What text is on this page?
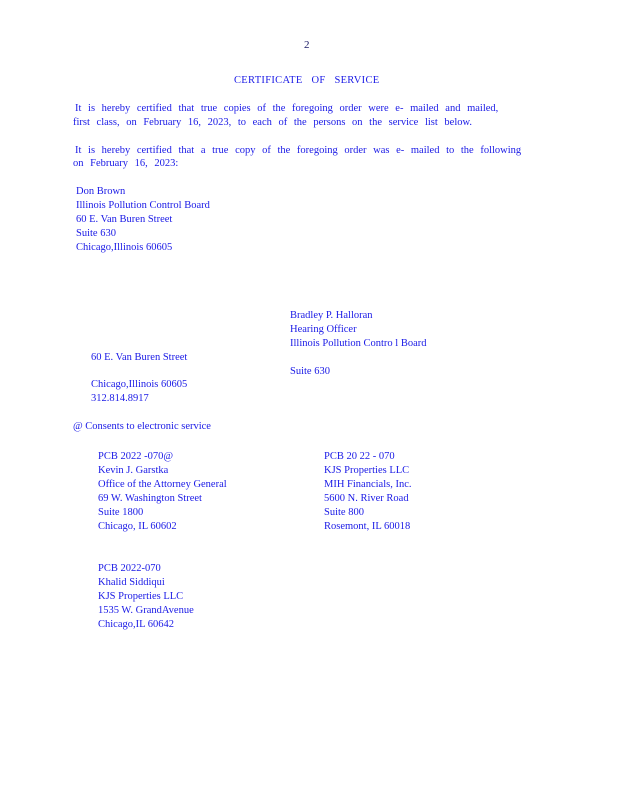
2
CERTIFICATE OF SERVICE
It is hereby certified that true copies of the foregoing order were e- mailed and mailed,
first class, on February 16, 2023, to each of the persons on the service list below.
It is hereby certified that a true copy of the foregoing order was e- mailed to the following
on February 16, 2023:
Don Brown
Illinois Pollution Control Board
60 E. Van Buren Street
Suite 630
Chicago,Illinois 60605
Bradley P. Halloran
Hearing Officer
Illinois Pollution Contro l Board
60 E. Van Buren Street
Suite 630
Chicago,Illinois 60605
312.814.8917
@ Consents to electronic service
PCB 2022 -070@
Kevin J. Garstka
Office of the Attorney General
69 W. Washington Street
Suite 1800
Chicago, IL 60602
PCB 20 22 - 070
KJS Properties LLC
MIH Financials, Inc.
5600 N. River Road
Suite 800
Rosemont, IL 60018
PCB 2022-070
Khalid Siddiqui
KJS Properties LLC
1535 W. GrandAvenue
Chicago,IL 60642
